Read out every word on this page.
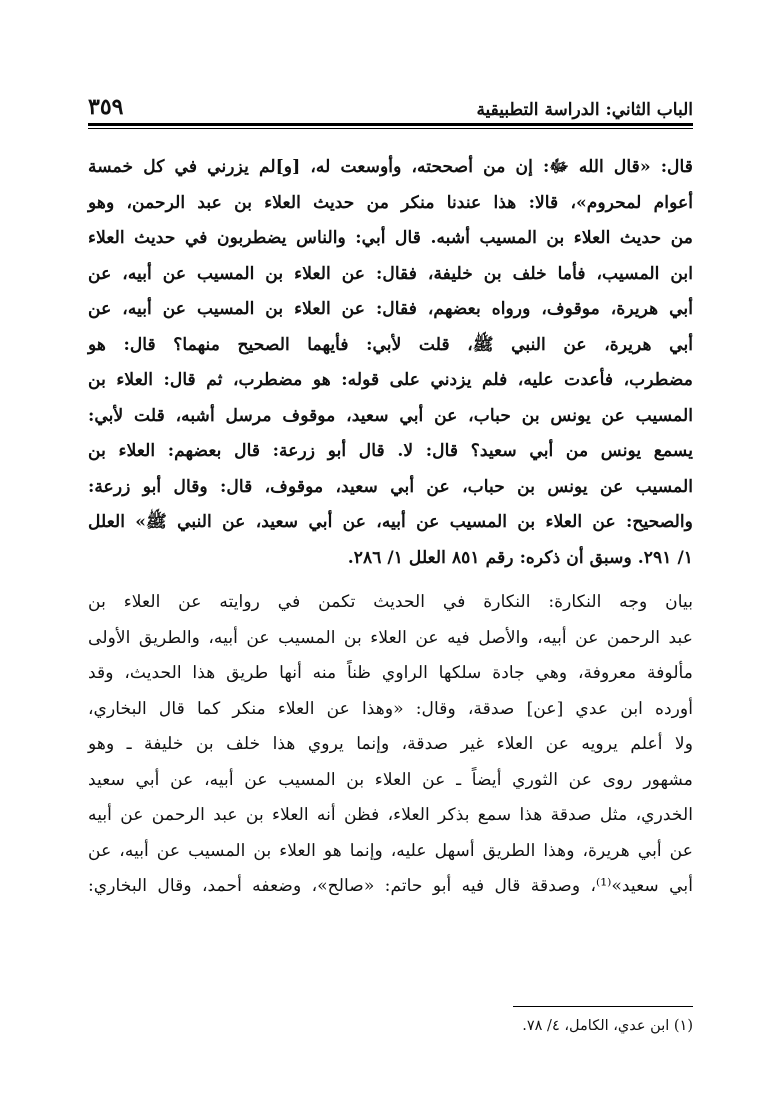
الباب الثاني: الدراسة التطبيقية
٣٥٩

قال: «قال الله ﷻ: إن من أصححته، وأوسعت له، [و]لم يزرني في كل خمسة
أعوام لمحروم»، قالا: هذا عندنا منكر من حديث العلاء بن عبد الرحمن، وهو
من حديث العلاء بن المسيب أشبه. قال أبي: والناس يضطربون في حديث العلاء
ابن المسيب، فأما خلف بن خليفة، فقال: عن العلاء بن المسيب عن أبيه، عن
أبي هريرة، موقوف، ورواه بعضهم، فقال: عن العلاء بن المسيب عن أبيه، عن
أبي هريرة، عن النبي ﷺ، قلت لأبي: فأيهما الصحيح منهما؟ قال: هو
مضطرب، فأعدت عليه، فلم يزدني على قوله: هو مضطرب، ثم قال: العلاء بن
المسيب عن يونس بن حباب، عن أبي سعيد، موقوف مرسل أشبه، قلت لأبي:
يسمع يونس من أبي سعيد؟ قال: لا. قال أبو زرعة: قال بعضهم: العلاء بن
المسيب عن يونس بن حباب، عن أبي سعيد، موقوف، قال: وقال أبو زرعة:
والصحيح: عن العلاء بن المسيب عن أبيه، عن أبي سعيد، عن النبي ﷺ» العلل
١/ ٢٩١. وسبق أن ذكره: رقم ٨٥١ العلل ١/ ٢٨٦.

بيان وجه النكارة: النكارة في الحديث تكمن في روايته عن العلاء بن
عبد الرحمن عن أبيه، والأصل فيه عن العلاء بن المسيب عن أبيه، والطريق الأولى
مألوفة معروفة، وهي جادة سلكها الراوي ظناً منه أنها طريق هذا الحديث، وقد
أورده ابن عدي [عن] صدقة، وقال: «وهذا عن العلاء منكر كما قال البخاري،
ولا أعلم يرويه عن العلاء غير صدقة، وإنما يروي هذا خلف بن خليفة ـ وهو
مشهور روى عن الثوري أيضاً ـ عن العلاء بن المسيب عن أبيه، عن أبي سعيد
الخدري، مثل صدقة هذا سمع بذكر العلاء، فظن أنه العلاء بن عبد الرحمن عن أبيه
عن أبي هريرة، وهذا الطريق أسهل عليه، وإنما هو العلاء بن المسيب عن أبيه، عن
أبي سعيد»⁽¹⁾، وصدقة قال فيه أبو حاتم: «صالح»، وضعفه أحمد، وقال البخاري:

(١) ابن عدي، الكامل، ٤/ ٧٨.
